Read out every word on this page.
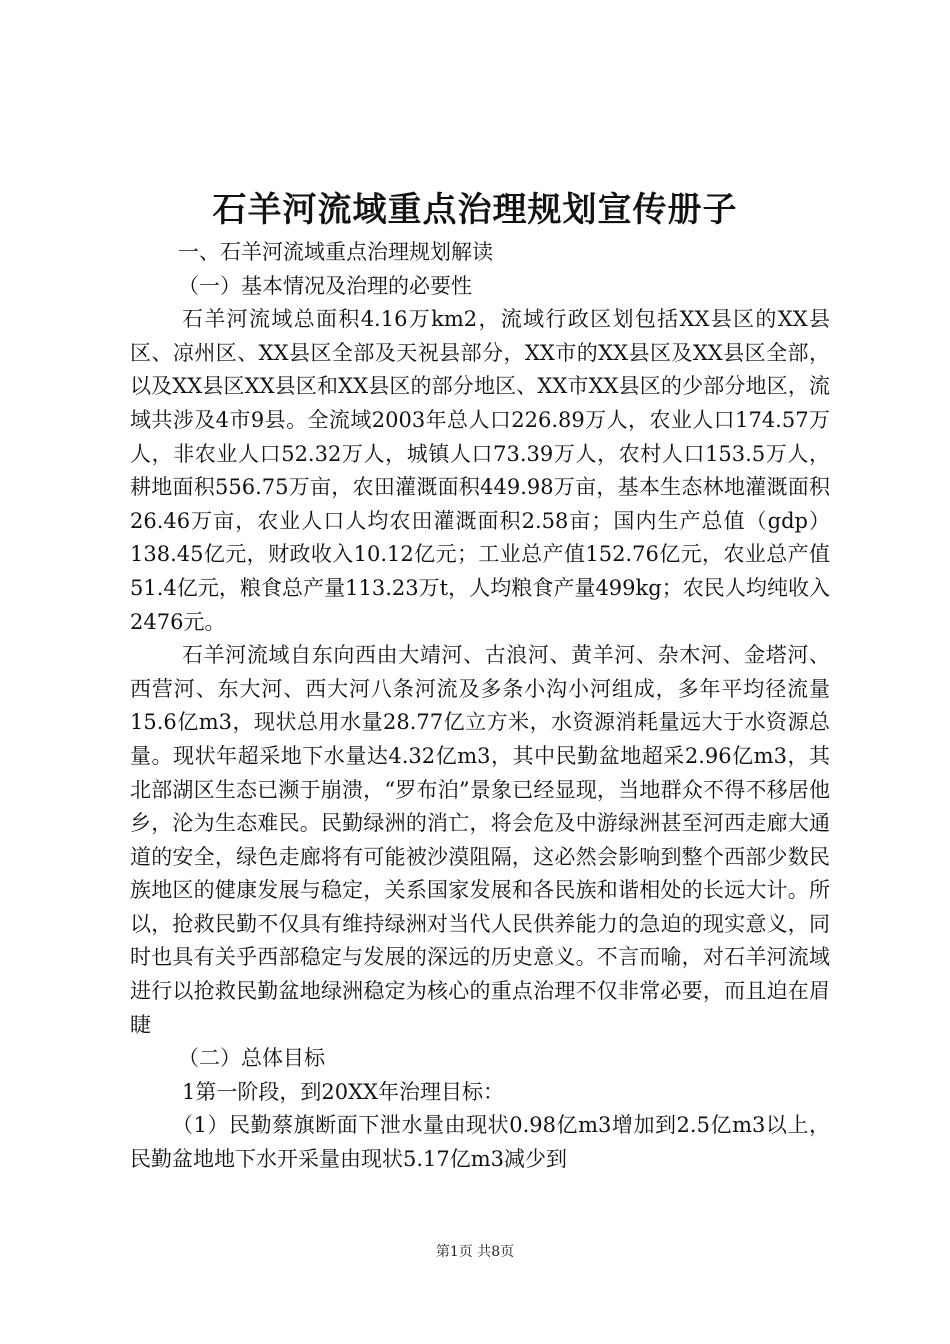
石羊河流域重点治理规划宣传册子

一、石羊河流域重点治理规划解读

（一）基本情况及治理的必要性

石羊河流域总面积4.16万km2，流域行政区划包括XX县区的XX县区、凉州区、XX县区全部及天祝县部分，XX市的XX县区及XX县区全部，以及XX县区XX县区和XX县区的部分地区、XX市XX县区的少部分地区，流域共涉及4市9县。全流域2003年总人口226.89万人，农业人口174.57万人，非农业人口52.32万人，城镇人口73.39万人，农村人口153.5万人，耕地面积556.75万亩，农田灌溉面积449.98万亩，基本生态林地灌溉面积26.46万亩，农业人口人均农田灌溉面积2.58亩；国内生产总值（gdp）138.45亿元，财政收入10.12亿元；工业总产值152.76亿元，农业总产值51.4亿元，粮食总产量113.23万t，人均粮食产量499kg；农民人均纯收入2476元。

石羊河流域自东向西由大靖河、古浪河、黄羊河、杂木河、金塔河、西营河、东大河、西大河八条河流及多条小沟小河组成，多年平均径流量15.6亿m3，现状总用水量28.77亿立方米，水资源消耗量远大于水资源总量。现状年超采地下水量达4.32亿m3，其中民勤盆地超采2.96亿m3，其北部湖区生态已濒于崩溃，“罗布泊”景象已经显现，当地群众不得不移居他乡，沦为生态难民。民勤绿洲的消亡，将会危及中游绿洲甚至河西走廊大通道的安全，绿色走廊将有可能被沙漠阻隔，这必然会影响到整个西部少数民族地区的健康发展与稳定，关系国家发展和各民族和谐相处的长远大计。所以，抢救民勤不仅具有维持绿洲对当代人民供养能力的急迫的现实意义，同时也具有关乎西部稳定与发展的深远的历史意义。不言而喻，对石羊河流域进行以抢救民勤盆地绿洲稳定为核心的重点治理不仅非常必要，而且迫在眉睫

（二）总体目标

1第一阶段，到20XX年治理目标：

（1）民勤蔡旗断面下泄水量由现状0.98亿m3增加到2.5亿m3以上，民勤盆地地下水开采量由现状5.17亿m3减少到

第1页 共8页
